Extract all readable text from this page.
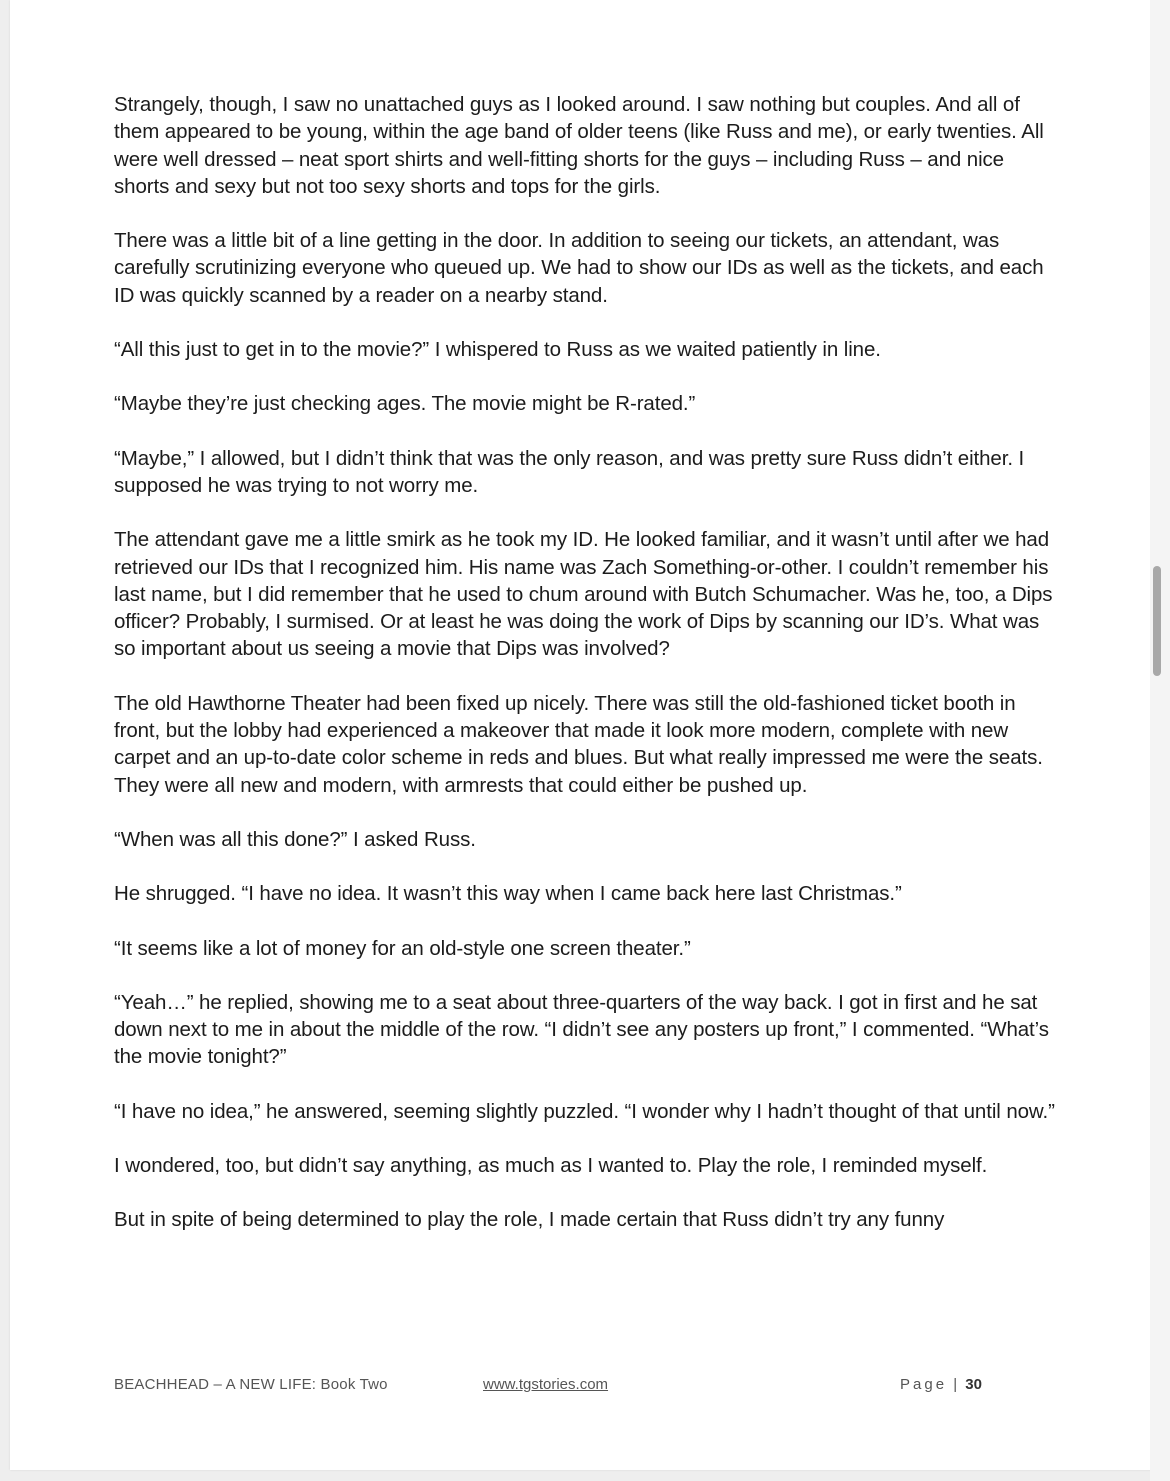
Strangely, though, I saw no unattached guys as I looked around. I saw nothing but couples. And all of them appeared to be young, within the age band of older teens (like Russ and me), or early twenties. All were well dressed – neat sport shirts and well-fitting shorts for the guys – including Russ – and nice shorts and sexy but not too sexy shorts and tops for the girls.

There was a little bit of a line getting in the door. In addition to seeing our tickets, an attendant, was carefully scrutinizing everyone who queued up. We had to show our IDs as well as the tickets, and each ID was quickly scanned by a reader on a nearby stand.

“All this just to get in to the movie?” I whispered to Russ as we waited patiently in line.

“Maybe they’re just checking ages. The movie might be R-rated.”

“Maybe,” I allowed, but I didn’t think that was the only reason, and was pretty sure Russ didn’t either. I supposed he was trying to not worry me.

The attendant gave me a little smirk as he took my ID. He looked familiar, and it wasn’t until after we had retrieved our IDs that I recognized him. His name was Zach Something-or-other. I couldn’t remember his last name, but I did remember that he used to chum around with Butch Schumacher. Was he, too, a Dips officer? Probably, I surmised. Or at least he was doing the work of Dips by scanning our ID’s. What was so important about us seeing a movie that Dips was involved?

The old Hawthorne Theater had been fixed up nicely. There was still the old-fashioned ticket booth in front, but the lobby had experienced a makeover that made it look more modern, complete with new carpet and an up-to-date color scheme in reds and blues. But what really impressed me were the seats. They were all new and modern, with armrests that could either be pushed up.

“When was all this done?” I asked Russ.

He shrugged. “I have no idea. It wasn’t this way when I came back here last Christmas.”

“It seems like a lot of money for an old-style one screen theater.”

“Yeah…” he replied, showing me to a seat about three-quarters of the way back. I got in first and he sat down next to me in about the middle of the row. “I didn’t see any posters up front,” I commented. “What’s the movie tonight?”

“I have no idea,” he answered, seeming slightly puzzled. “I wonder why I hadn’t thought of that until now.”

I wondered, too, but didn’t say anything, as much as I wanted to. Play the role, I reminded myself.

But in spite of being determined to play the role, I made certain that Russ didn’t try any funny

BEACHHEAD – A NEW LIFE: Book Two	www.tgstories.com	Page | 30
